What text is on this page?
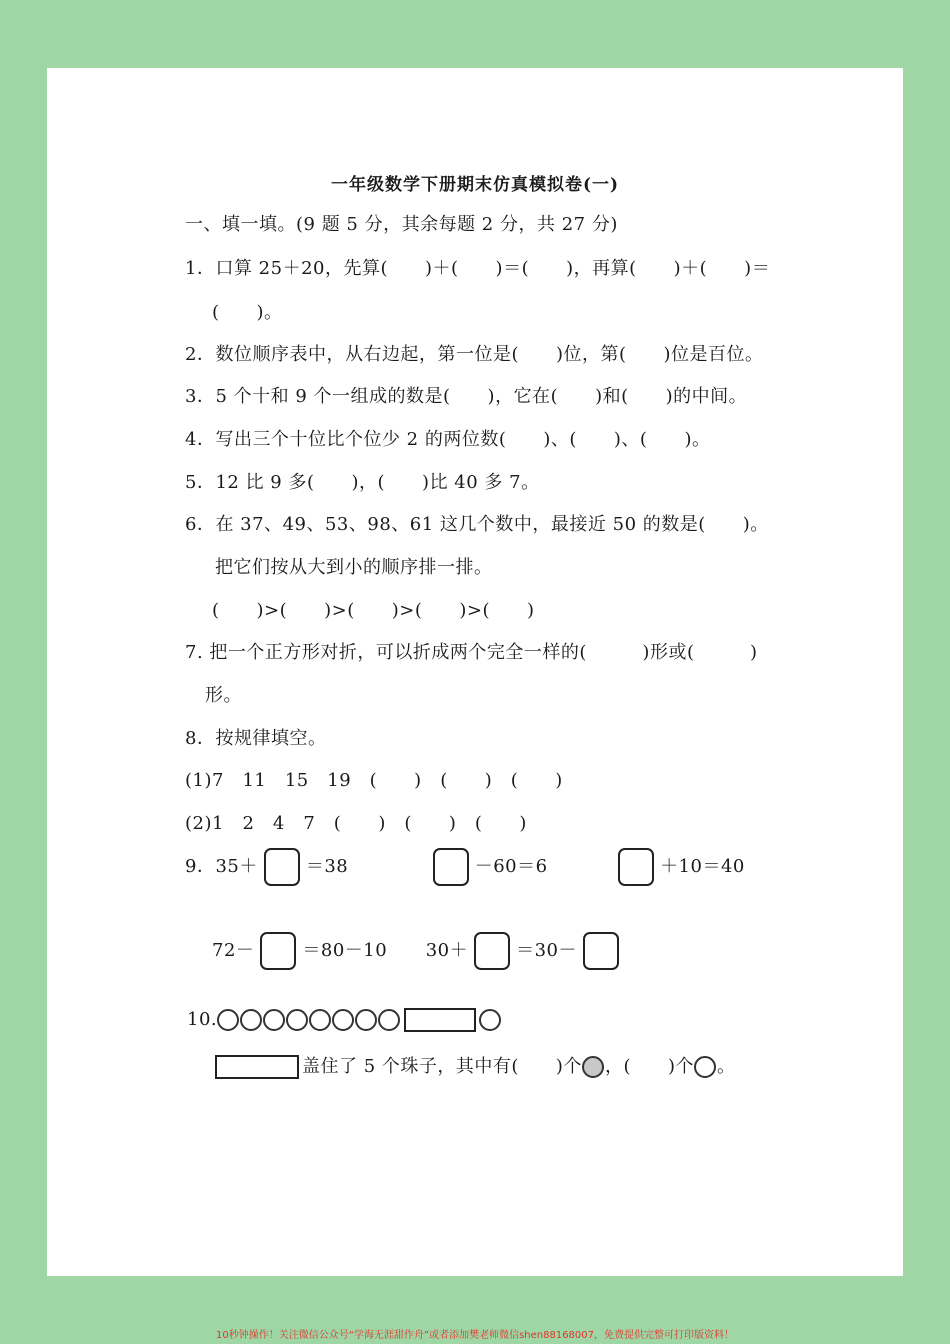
一年级数学下册期末仿真模拟卷(一)
一、填一填。(9 题 5 分，其余每题 2 分，共 27 分)
1．口算 25＋20，先算(　　)＋(　　)＝(　　)，再算(　　)＋(　　)＝
(　　)。
2．数位顺序表中，从右边起，第一位是(　　)位，第(　　)位是百位。
3．5 个十和 9 个一组成的数是(　　)，它在(　　)和(　　)的中间。
4．写出三个十位比个位少 2 的两位数(　　)、(　　)、(　　)。
5．12 比 9 多(　　)，(　　)比 40 多 7。
6．在 37、49、53、98、61 这几个数中，最接近 50 的数是(　　)。
把它们按从大到小的顺序排一排。
(　　)>(　　)>(　　)>(　　)>(　　)
7. 把一个正方形对折，可以折成两个完全一样的(　　　)形或(　　　)
形。
8．按规律填空。
(1)7　11　15　19　(　　)　(　　)　(　　)
(2)1　2　4　7　(　　)　(　　)　(　　)
9．35＋	＝38	－60＝6	＋10＝40
72－	＝80－10 30＋	＝30－
10.
盖住了 5 个珠子，其中有(　　)个 ，(　　)个 。
10秒钟操作！关注微信公众号“学海无涯甜作舟”或者添加樊老师微信shen88168007，免费提供完整可打印版资料！
